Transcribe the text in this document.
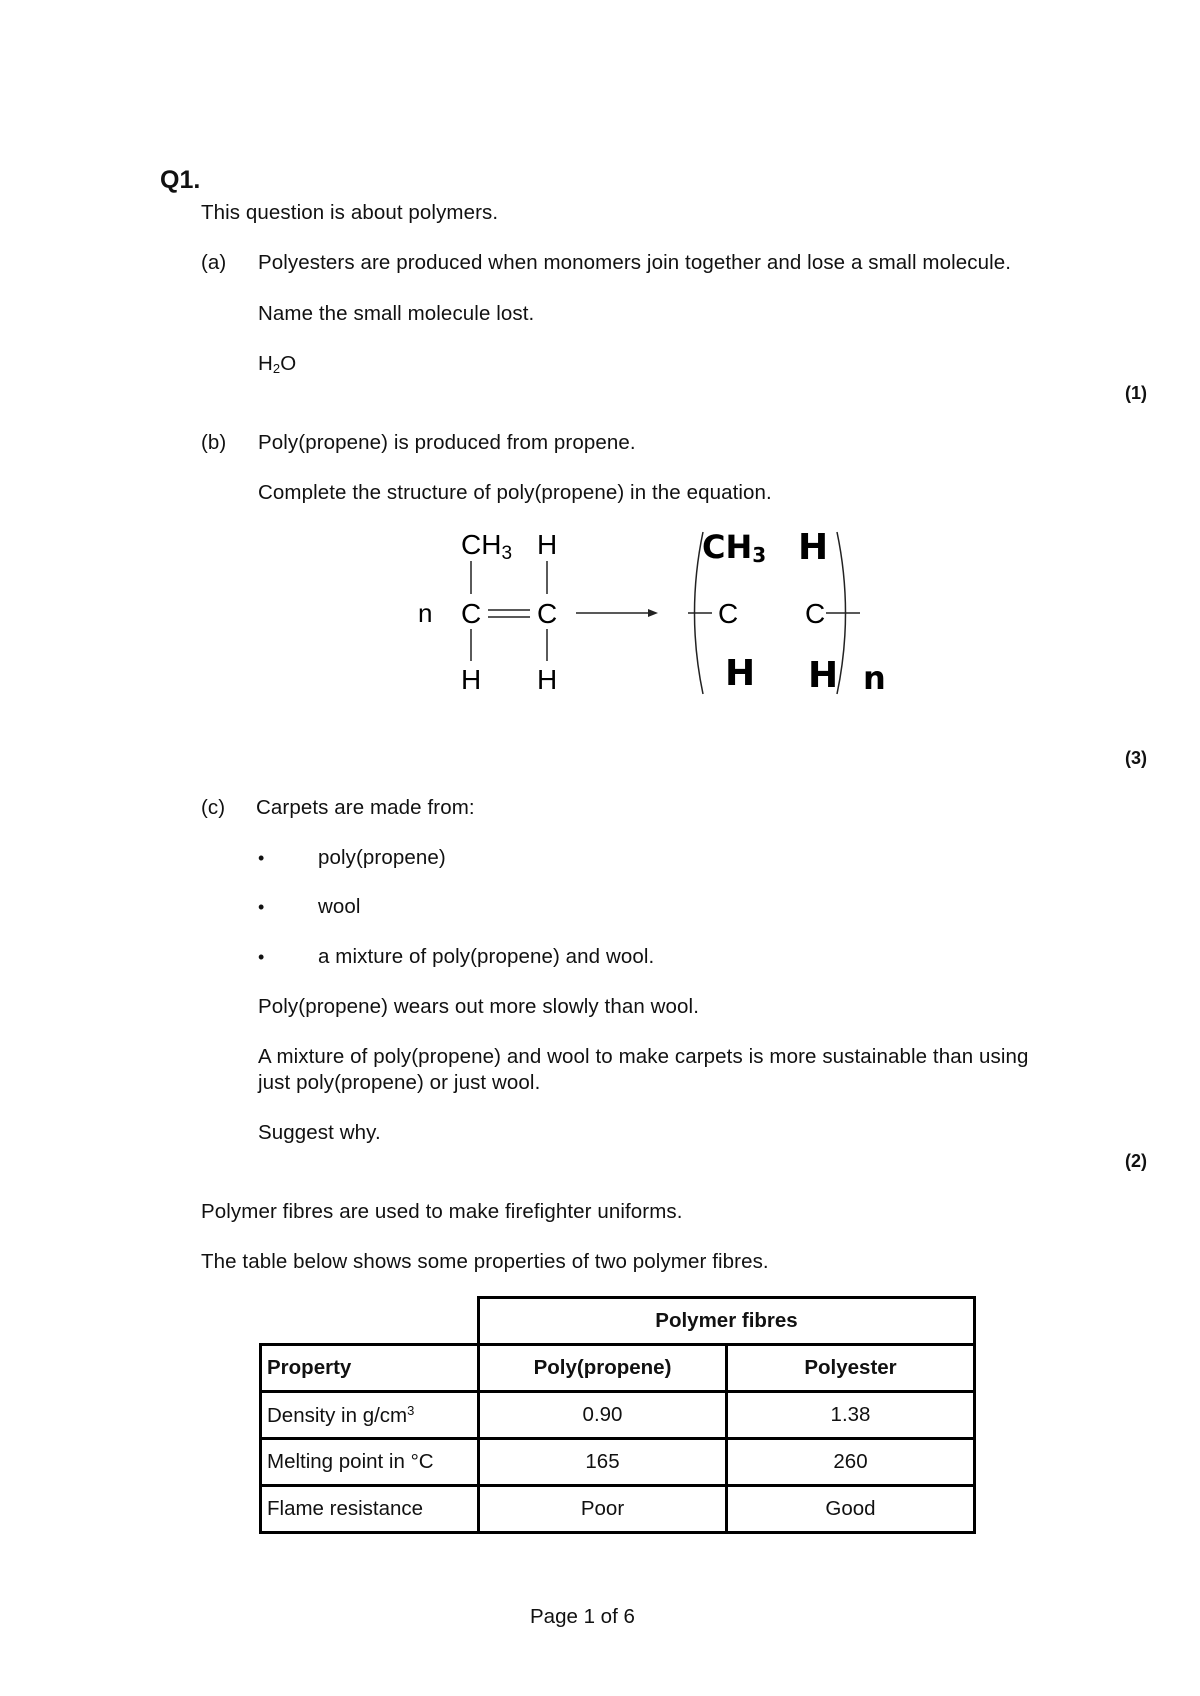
Q1.
This question is about polymers.
(a) Polyesters are produced when monomers join together and lose a small molecule.
Name the small molecule lost.
$H_2O$
(1)
(b) Poly(propene) is produced from propene.
Complete the structure of poly(propene) in the equation.
n
CH3 H
C C
H H
C C
CH3 H
H H n
(3)
(c) Carpets are made from:
•	poly(propene)
•	wool
•	a mixture of poly(propene) and wool.
Poly(propene) wears out more slowly than wool.
A mixture of poly(propene) and wool to make carpets is more sustainable than using
just poly(propene) or just wool.
Suggest why.
(2)
Polymer fibres are used to make firefighter uniforms.
The table below shows some properties of two polymer fibres.
	Polymer fibres	
Property	Poly(propene)	Polyester
Density in $g/cm^3$	0.90	1.38
Melting point in °C	165	260
Flame resistance	Poor	Good
Page 1 of 6
